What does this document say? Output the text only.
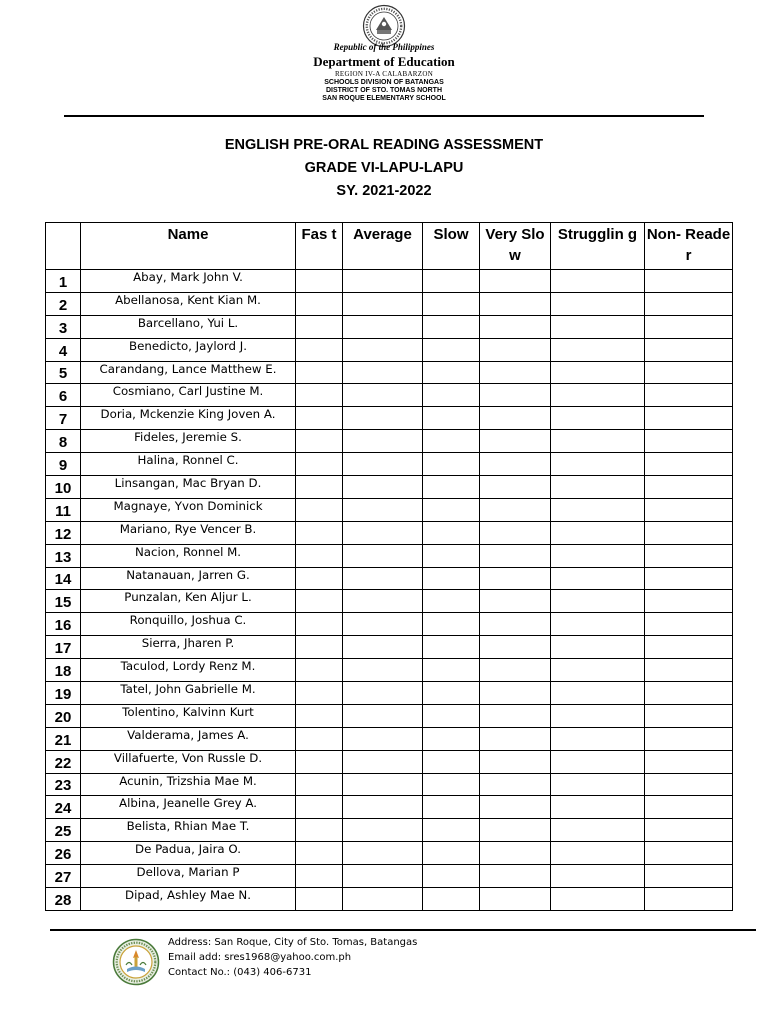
Republic of the Philippines
Department of Education
REGION IV-A CALABARZON
SCHOOLS DIVISION OF BATANGAS
DISTRICT OF STO. TOMAS NORTH
SAN ROQUE ELEMENTARY SCHOOL
ENGLISH PRE-ORAL READING ASSESSMENT
GRADE VI-LAPU-LAPU
SY. 2021-2022
	Name	Fas t	Average	Slow	Very Slow	Strugglin g	Non- Reader
1	Abay, Mark John V.						
2	Abellanosa, Kent Kian M.						
3	Barcellano, Yui L.						
4	Benedicto, Jaylord J.						
5	Carandang, Lance Matthew E.						
6	Cosmiano, Carl Justine M.						
7	Doria, Mckenzie King Joven A.						
8	Fideles, Jeremie S.						
9	Halina, Ronnel C.						
10	Linsangan, Mac Bryan D.						
11	Magnaye, Yvon Dominick						
12	Mariano, Rye Vencer B.						
13	Nacion, Ronnel M.						
14	Natanauan, Jarren G.						
15	Punzalan, Ken Aljur L.						
16	Ronquillo, Joshua C.						
17	Sierra, Jharen P.						
18	Taculod, Lordy Renz M.						
19	Tatel, John Gabrielle M.						
20	Tolentino, Kalvinn Kurt						
21	Valderama, James A.						
22	Villafuerte, Von Russle D.						
23	Acunin, Trizshia Mae M.						
24	Albina, Jeanelle Grey A.						
25	Belista, Rhian Mae T.						
26	De Padua, Jaira O.						
27	Dellova, Marian P						
28	Dipad, Ashley Mae N.						
Address: San Roque, City of Sto. Tomas, Batangas
Email add: sres1968@yahoo.com.ph
Contact No.: (043) 406-6731
